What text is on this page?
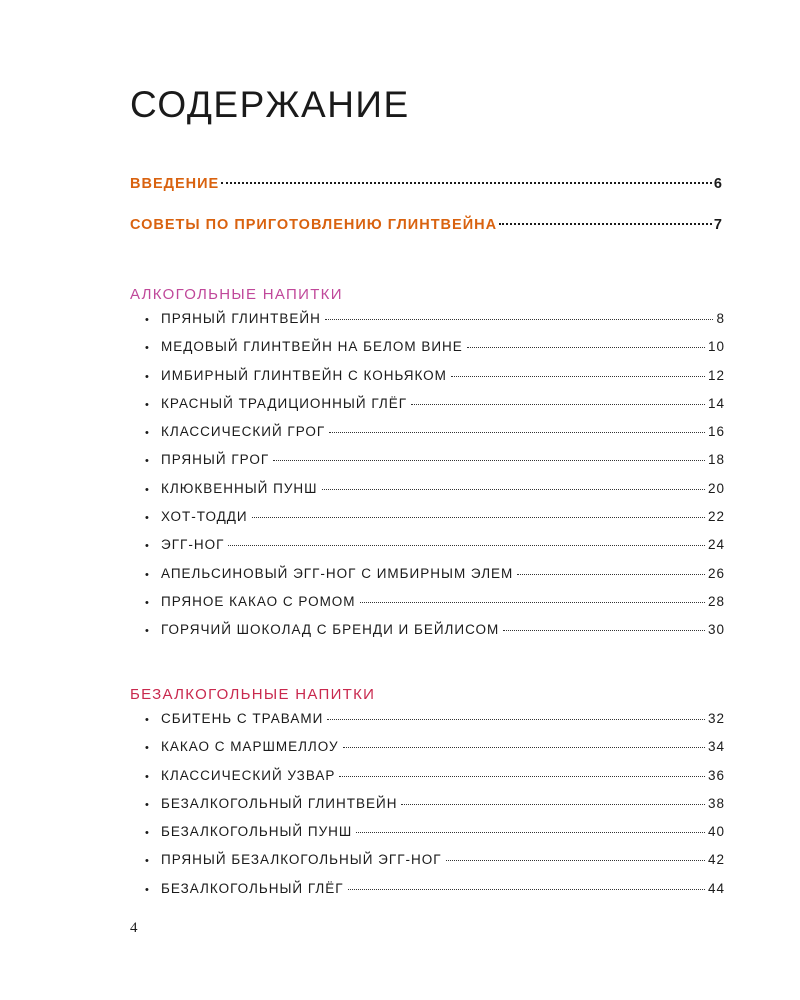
СОДЕРЖАНИЕ
ВВЕДЕНИЕ	6
СОВЕТЫ ПО ПРИГОТОВЛЕНИЮ ГЛИНТВЕЙНА	7
АЛКОГОЛЬНЫЕ НАПИТКИ
• ПРЯНЫЙ ГЛИНТВЕЙН	8
• МЕДОВЫЙ ГЛИНТВЕЙН НА БЕЛОМ ВИНЕ	10
• ИМБИРНЫЙ ГЛИНТВЕЙН С КОНЬЯКОМ	12
• КРАСНЫЙ ТРАДИЦИОННЫЙ ГЛЁГ	14
• КЛАССИЧЕСКИЙ ГРОГ	16
• ПРЯНЫЙ ГРОГ	18
• КЛЮКВЕННЫЙ ПУНШ	20
• ХОТ-ТОДДИ	22
• ЭГГ-НОГ	24
• АПЕЛЬСИНОВЫЙ ЭГГ-НОГ С ИМБИРНЫМ ЭЛЕМ	26
• ПРЯНОЕ КАКАО С РОМОМ	28
• ГОРЯЧИЙ ШОКОЛАД С БРЕНДИ И БЕЙЛИСОМ	30
БЕЗАЛКОГОЛЬНЫЕ НАПИТКИ
• СБИТЕНЬ С ТРАВАМИ	32
• КАКАО С МАРШМЕЛЛОУ	34
• КЛАССИЧЕСКИЙ УЗВАР	36
• БЕЗАЛКОГОЛЬНЫЙ ГЛИНТВЕЙН	38
• БЕЗАЛКОГОЛЬНЫЙ ПУНШ	40
• ПРЯНЫЙ БЕЗАЛКОГОЛЬНЫЙ ЭГГ-НОГ	42
• БЕЗАЛКОГОЛЬНЫЙ ГЛЁГ	44
4
